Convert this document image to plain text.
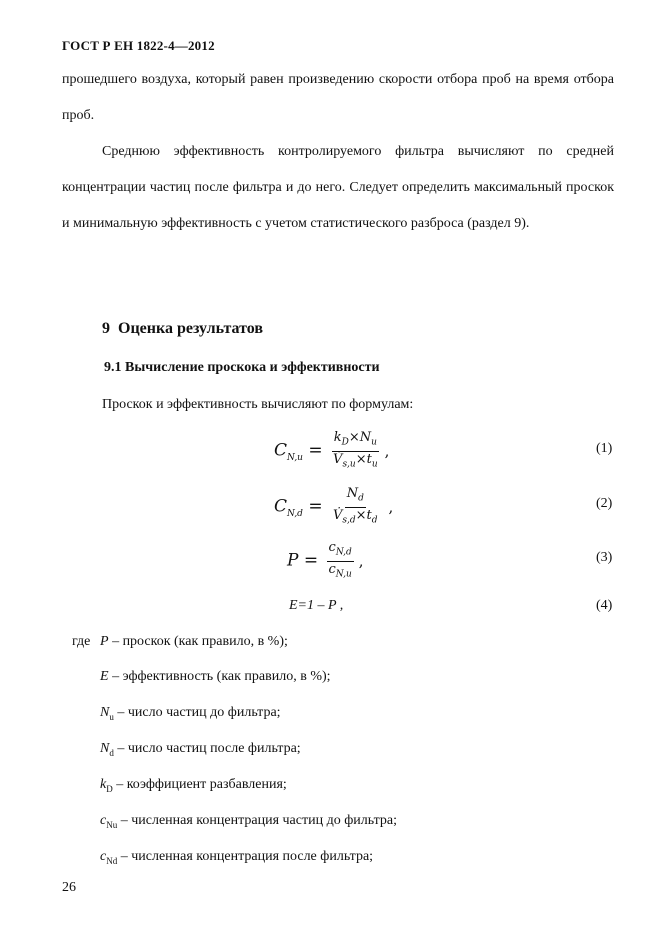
ГОСТ Р ЕН 1822-4—2012
прошедшего воздуха, который равен произведению скорости отбора проб на время отбора проб.
Среднюю эффективность контролируемого фильтра вычисляют по средней концентрации частиц после фильтра и до него. Следует определить максимальный проскок и минимальную эффективность с учетом статистического разброса (раздел 9).
9 Оценка результатов
9.1 Вычисление проскока и эффективности
Проскок и эффективность вычисляют по формулам:
$C_{N,u} = \frac{k_D\times N_u}{V̇_{s,u}\times t_u}$ ,	(1)
$C_{N,d} = \frac{N_d}{V̇_{s,d}\times t_d}$ ,	(2)
$P = \frac{c_{N,d}}{c_{N,u}}$ ,	(3)
E=1 – P ,	(4)
где P – проскок (как правило, в %);
E – эффективность (как правило, в %);
$N_u$ – число частиц до фильтра;
$N_d$ – число частиц после фильтра;
$k_D$ – коэффициент разбавления;
$c_{Nu}$ – численная концентрация частиц до фильтра;
$c_{Nd}$ – численная концентрация после фильтра;
26
